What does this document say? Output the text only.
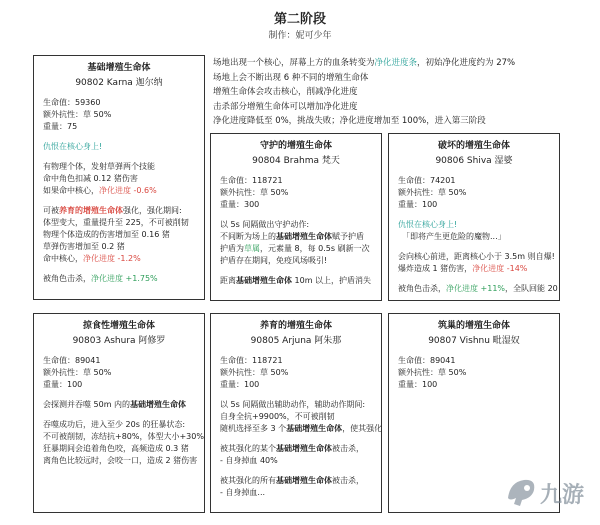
第二阶段
制作：妮可少年
场地出现一个核心，屏幕上方的血条转变为净化进度条，初始净化进度约为 27%
场地上会不断出现 6 种不同的增殖生命体
增殖生命体会攻击核心，削减净化进度
击杀部分增殖生命体可以增加净化进度
净化进度降低至 0%，挑战失败；净化进度增加至 100%，进入第三阶段
基础增殖生命体
90802 Karna 迦尔纳
生命值：59360
额外抗性：草 50%
重量：75
仇恨在核心身上!
有物理个体，发射草弹两个技能
命中角色扣减 0.12 猪伤害
如果命中核心，净化进度 -0.6%
可被养育的增殖生命体强化，强化期间:
体型变大，重量提升至 225，不可被削韧
物理个体造成的伤害增加至 0.16 猪
草弹伤害增加至 0.2 猪
命中核心，净化进度 -1.2%
被角色击杀，净化进度 +1.75%
守护的增殖生命体
90804 Brahma 梵天
生命值：118721
额外抗性：草 50%
重量：300
以 5s 间隔做出守护动作:
不间断为场上的基础增殖生命体赋予护盾
护盾为草属，元素量 8，每 0.5s 刷新一次
护盾存在期间，免疫风场吸引!
距离基础增殖生命体 10m 以上，护盾消失
破坏的增殖生命体
90806 Shiva 湿婆
生命值：74201
额外抗性：草 50%
重量：100
仇恨在核心身上!
「即将产生更危险的魔物...」
会向核心前进，距离核心小于 3.5m 则自爆!
爆炸造成 1 猪伤害，净化进度 -14%
被角色击杀，净化进度 +11%，全队回能 20
掠食性增殖生命体
90803 Ashura 阿修罗
生命值：89041
额外抗性：草 50%
重量：100
会探测并吞噬 50m 内的基础增殖生命体
吞噬成功后，进入至少 20s 的狂暴状态:
不可被削韧，冻结抗+80%，体型大小+30%
狂暴期间会追着角色咬，高频造成 0.3 猪
离角色比较远时，会咬一口，造成 2 猪伤害
养育的增殖生命体
90805 Arjuna 阿朱那
生命值：118721
额外抗性：草 50%
重量：100
以 5s 间隔做出辅助动作，辅助动作期间:
自身全抗+9900%，不可被削韧
随机选择至多 3 个基础增殖生命体，使其强化
被其强化的某个基础增殖生命体被击杀，
- 自身掉血 40%
被其强化的所有基础增殖生命体被击杀，
- 自身掉血...
筑巢的增殖生命体
90807 Vishnu 毗湿奴
生命值：89041
额外抗性：草 50%
重量：100
九游
